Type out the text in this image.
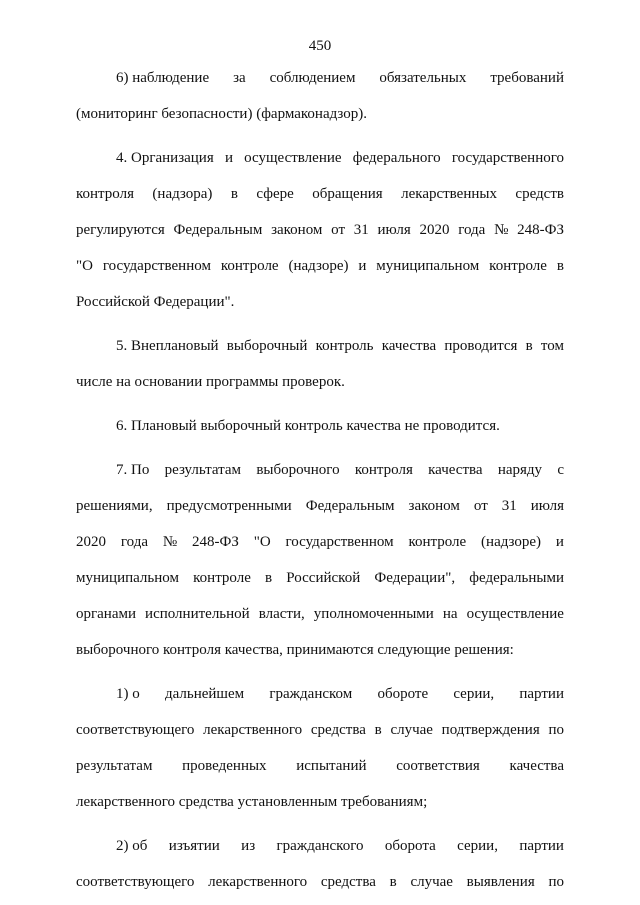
450
6) наблюдение за соблюдением обязательных требований
(мониторинг безопасности) (фармаконадзор).
4. Организация и осуществление федерального государственного
контроля (надзора) в сфере обращения лекарственных средств
регулируются Федеральным законом от 31 июля 2020 года № 248-ФЗ
"О государственном контроле (надзоре) и муниципальном контроле в
Российской Федерации".
5. Внеплановый выборочный контроль качества проводится в том
числе на основании программы проверок.
6. Плановый выборочный контроль качества не проводится.
7. По результатам выборочного контроля качества наряду с
решениями, предусмотренными Федеральным законом от 31 июля
2020 года № 248-ФЗ "О государственном контроле (надзоре) и
муниципальном контроле в Российской Федерации", федеральными
органами исполнительной власти, уполномоченными на осуществление
выборочного контроля качества, принимаются следующие решения:
1) о дальнейшем гражданском обороте серии, партии
соответствующего лекарственного средства в случае подтверждения по
результатам проведенных испытаний соответствия качества
лекарственного средства установленным требованиям;
2) об изъятии из гражданского оборота серии, партии
соответствующего лекарственного средства в случае выявления по
